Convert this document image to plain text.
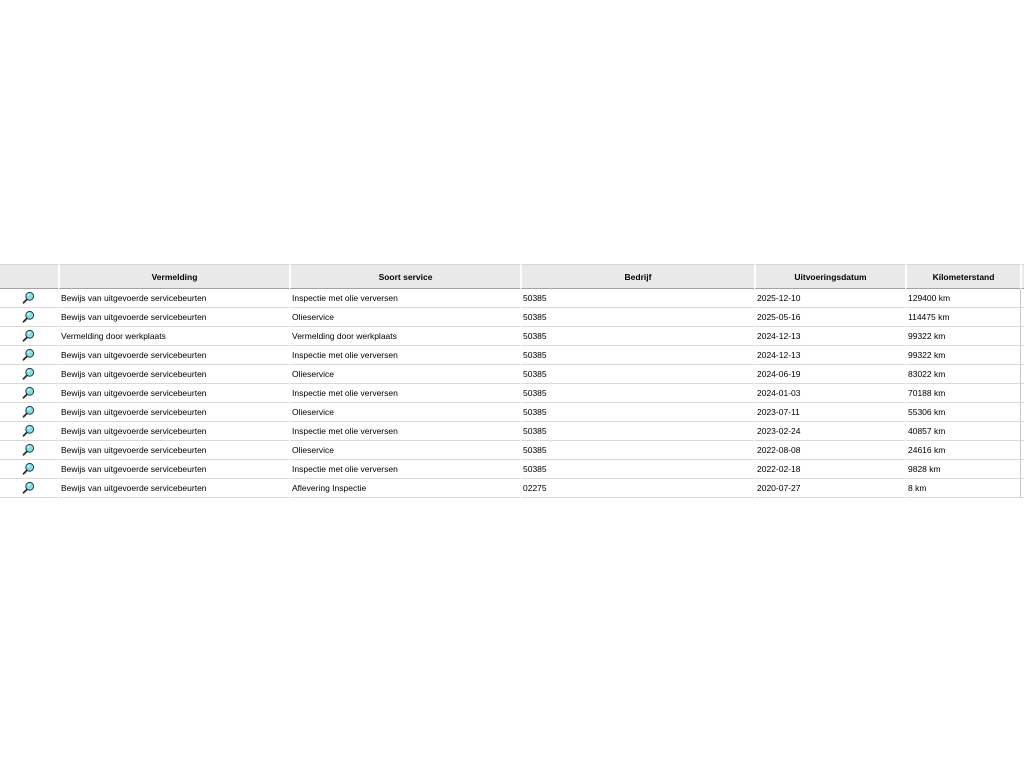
	Vermelding	Soort service	Bedrijf	Uitvoeringsdatum	Kilometerstand	
	Bewijs van uitgevoerde servicebeurten	Inspectie met olie verversen	50385	2025-12-10	129400 km	
	Bewijs van uitgevoerde servicebeurten	Olieservice	50385	2025-05-16	114475 km	
	Vermelding door werkplaats	Vermelding door werkplaats	50385	2024-12-13	99322 km	
	Bewijs van uitgevoerde servicebeurten	Inspectie met olie verversen	50385	2024-12-13	99322 km	
	Bewijs van uitgevoerde servicebeurten	Olieservice	50385	2024-06-19	83022 km	
	Bewijs van uitgevoerde servicebeurten	Inspectie met olie verversen	50385	2024-01-03	70188 km	
	Bewijs van uitgevoerde servicebeurten	Olieservice	50385	2023-07-11	55306 km	
	Bewijs van uitgevoerde servicebeurten	Inspectie met olie verversen	50385	2023-02-24	40857 km	
	Bewijs van uitgevoerde servicebeurten	Olieservice	50385	2022-08-08	24616 km	
	Bewijs van uitgevoerde servicebeurten	Inspectie met olie verversen	50385	2022-02-18	9828 km	
	Bewijs van uitgevoerde servicebeurten	Aflevering Inspectie	02275	2020-07-27	8 km	
